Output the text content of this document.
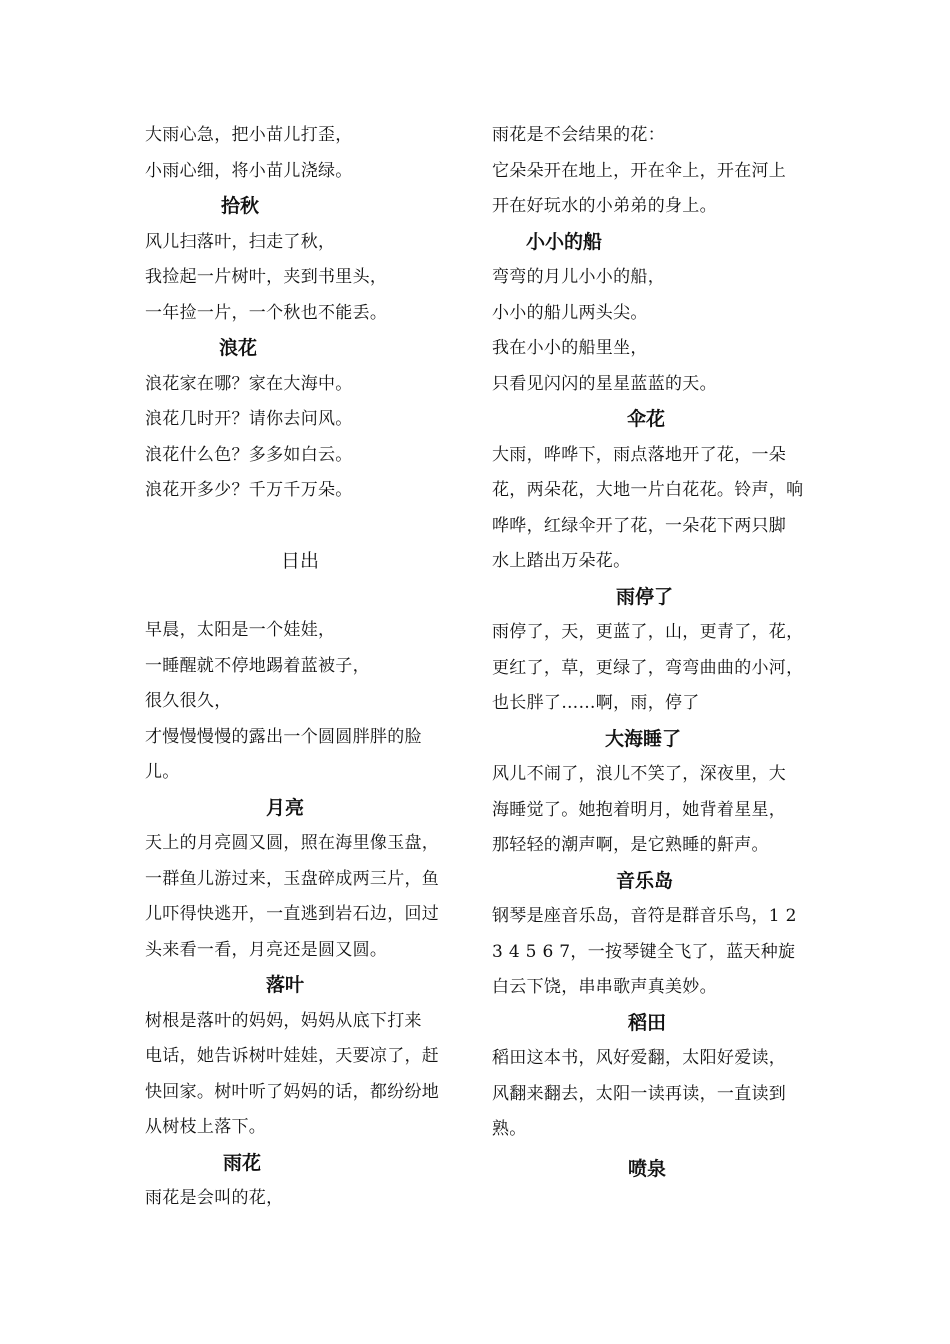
大雨心急，把小苗儿打歪，
小雨心细，将小苗儿浇绿。
拾秋
风儿扫落叶，扫走了秋，
我捡起一片树叶，夹到书里头，
一年捡一片，一个秋也不能丢。
浪花
浪花家在哪？家在大海中。
浪花几时开？请你去问风。
浪花什么色？多多如白云。
浪花开多少？千万千万朵。
日出
早晨，太阳是一个娃娃，
一睡醒就不停地踢着蓝被子，
很久很久，
才慢慢慢慢的露出一个圆圆胖胖的脸
儿。
月亮
天上的月亮圆又圆，照在海里像玉盘，
一群鱼儿游过来，玉盘碎成两三片，鱼
儿吓得快逃开，一直逃到岩石边，回过
头来看一看，月亮还是圆又圆。
落叶
树根是落叶的妈妈，妈妈从底下打来
电话，她告诉树叶娃娃，天要凉了，赶
快回家。树叶听了妈妈的话，都纷纷地
从树枝上落下。
雨花
雨花是会叫的花，
雨花是不会结果的花：
它朵朵开在地上，开在伞上，开在河上
开在好玩水的小弟弟的身上。
小小的船
弯弯的月儿小小的船，
小小的船儿两头尖。
我在小小的船里坐，
只看见闪闪的星星蓝蓝的天。
伞花
大雨，哗哗下，雨点落地开了花，一朵
花，两朵花，大地一片白花花。铃声，响
哗哗，红绿伞开了花，一朵花下两只脚
水上踏出万朵花。
雨停了
雨停了，天，更蓝了，山，更青了，花，
更红了，草，更绿了，弯弯曲曲的小河，
也长胖了……啊，雨，停了
大海睡了
风儿不闹了，浪儿不笑了，深夜里，大
海睡觉了。她抱着明月，她背着星星，
那轻轻的潮声啊，是它熟睡的鼾声。
音乐岛
钢琴是座音乐岛，音符是群音乐鸟，1 2
3 4 5 6 7，一按琴键全飞了，蓝天种旋
白云下饶，串串歌声真美妙。
稻田
稻田这本书，风好爱翻，太阳好爱读，
风翻来翻去，太阳一读再读，一直读到
熟。
喷泉
